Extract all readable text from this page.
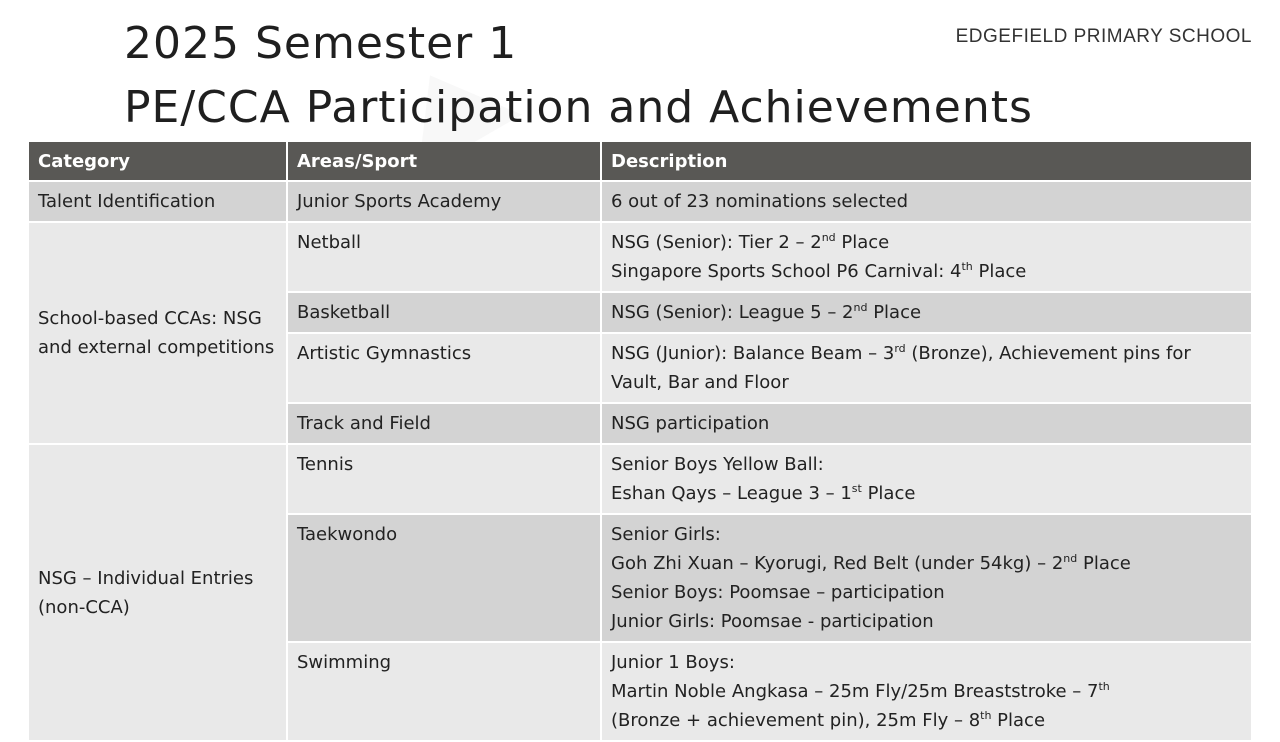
2025 Semester 1
PE/CCA Participation and Achievements
EDGEFIELD PRIMARY SCHOOL
Category	Areas/Sport	Description
Talent Identification	Junior Sports Academy	6 out of 23 nominations selected

School-based CCAs: NSG and external competitions	Netball	NSG (Senior): Tier 2 – 2nd Place
Singapore Sports School P6 Carnival: 4th Place

	Basketball	NSG (Senior): League 5 – 2nd Place

	Artistic Gymnastics	NSG (Junior): Balance Beam – 3rd (Bronze), Achievement pins for Vault, Bar and Floor

	Track and Field	NSG participation

NSG – Individual Entries (non-CCA)	Tennis	Senior Boys Yellow Ball:
Eshan Qays – League 3 – 1st Place

	Taekwondo	Senior Girls:
Goh Zhi Xuan – Kyorugi, Red Belt (under 54kg) – 2nd Place
Senior Boys: Poomsae – participation
Junior Girls: Poomsae - participation

	Swimming	Junior 1 Boys:
Martin Noble Angkasa – 25m Fly/25m Breaststroke – 7th
(Bronze + achievement pin), 25m Fly – 8th Place
